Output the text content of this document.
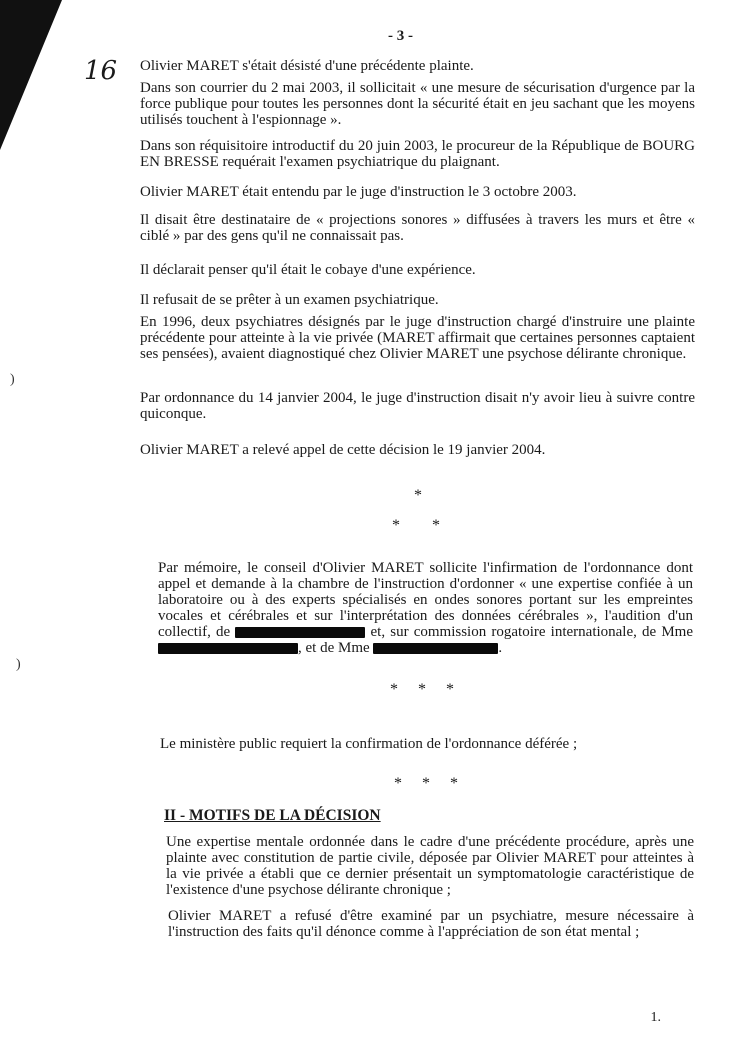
- 3 -
16
)
)

Olivier MARET s'était désisté d'une précédente plainte.

Dans son courrier du 2 mai 2003, il sollicitait « une mesure de sécurisation d'urgence par la force publique pour toutes les personnes dont la sécurité était en jeu sachant que les moyens utilisés touchent à l'espionnage ».

Dans son réquisitoire introductif du 20 juin 2003, le procureur de la République de BOURG EN BRESSE requérait l'examen psychiatrique du plaignant.

Olivier MARET était entendu par le juge d'instruction le 3 octobre 2003.

Il disait être destinataire de « projections sonores » diffusées à travers les murs et être « ciblé » par des gens qu'il ne connaissait pas.

Il déclarait penser qu'il était le cobaye d'une expérience.

Il refusait de se prêter à un examen psychiatrique.

En 1996, deux psychiatres désignés par le juge d'instruction chargé d'instruire une plainte précédente pour atteinte à la vie privée (MARET affirmait que certaines personnes captaient ses pensées), avaient diagnostiqué chez Olivier MARET une psychose délirante chronique.

Par ordonnance du 14 janvier 2004, le juge d'instruction disait n'y avoir lieu à suivre contre quiconque.

Olivier MARET a relevé appel de cette décision le 19 janvier 2004.

*
*        *

Par mémoire, le conseil d'Olivier MARET sollicite l'infirmation de l'ordonnance dont appel et demande à la chambre de l'instruction d'ordonner « une expertise confiée à un laboratoire ou à des experts spécialisés en ondes sonores portant sur les empreintes vocales et cérébrales et sur l'interprétation des données cérébrales », l'audition d'un collectif, de	et, sur commission rogatoire internationale, de Mme , et de Mme	.

*     *     *

Le ministère public requiert la confirmation de l'ordonnance déférée ;

*     *     *
II - MOTIFS DE LA DÉCISION

Une expertise mentale ordonnée dans le cadre d'une précédente procédure, après une plainte avec constitution de partie civile, déposée par Olivier MARET pour atteintes à la vie privée a établi que ce dernier présentait un symptomatologie caractéristique de l'existence d'une psychose délirante chronique ;

Olivier MARET a refusé d'être examiné par un psychiatre, mesure nécessaire à l'instruction des faits qu'il dénonce comme à l'appréciation de son état mental ;

1.
